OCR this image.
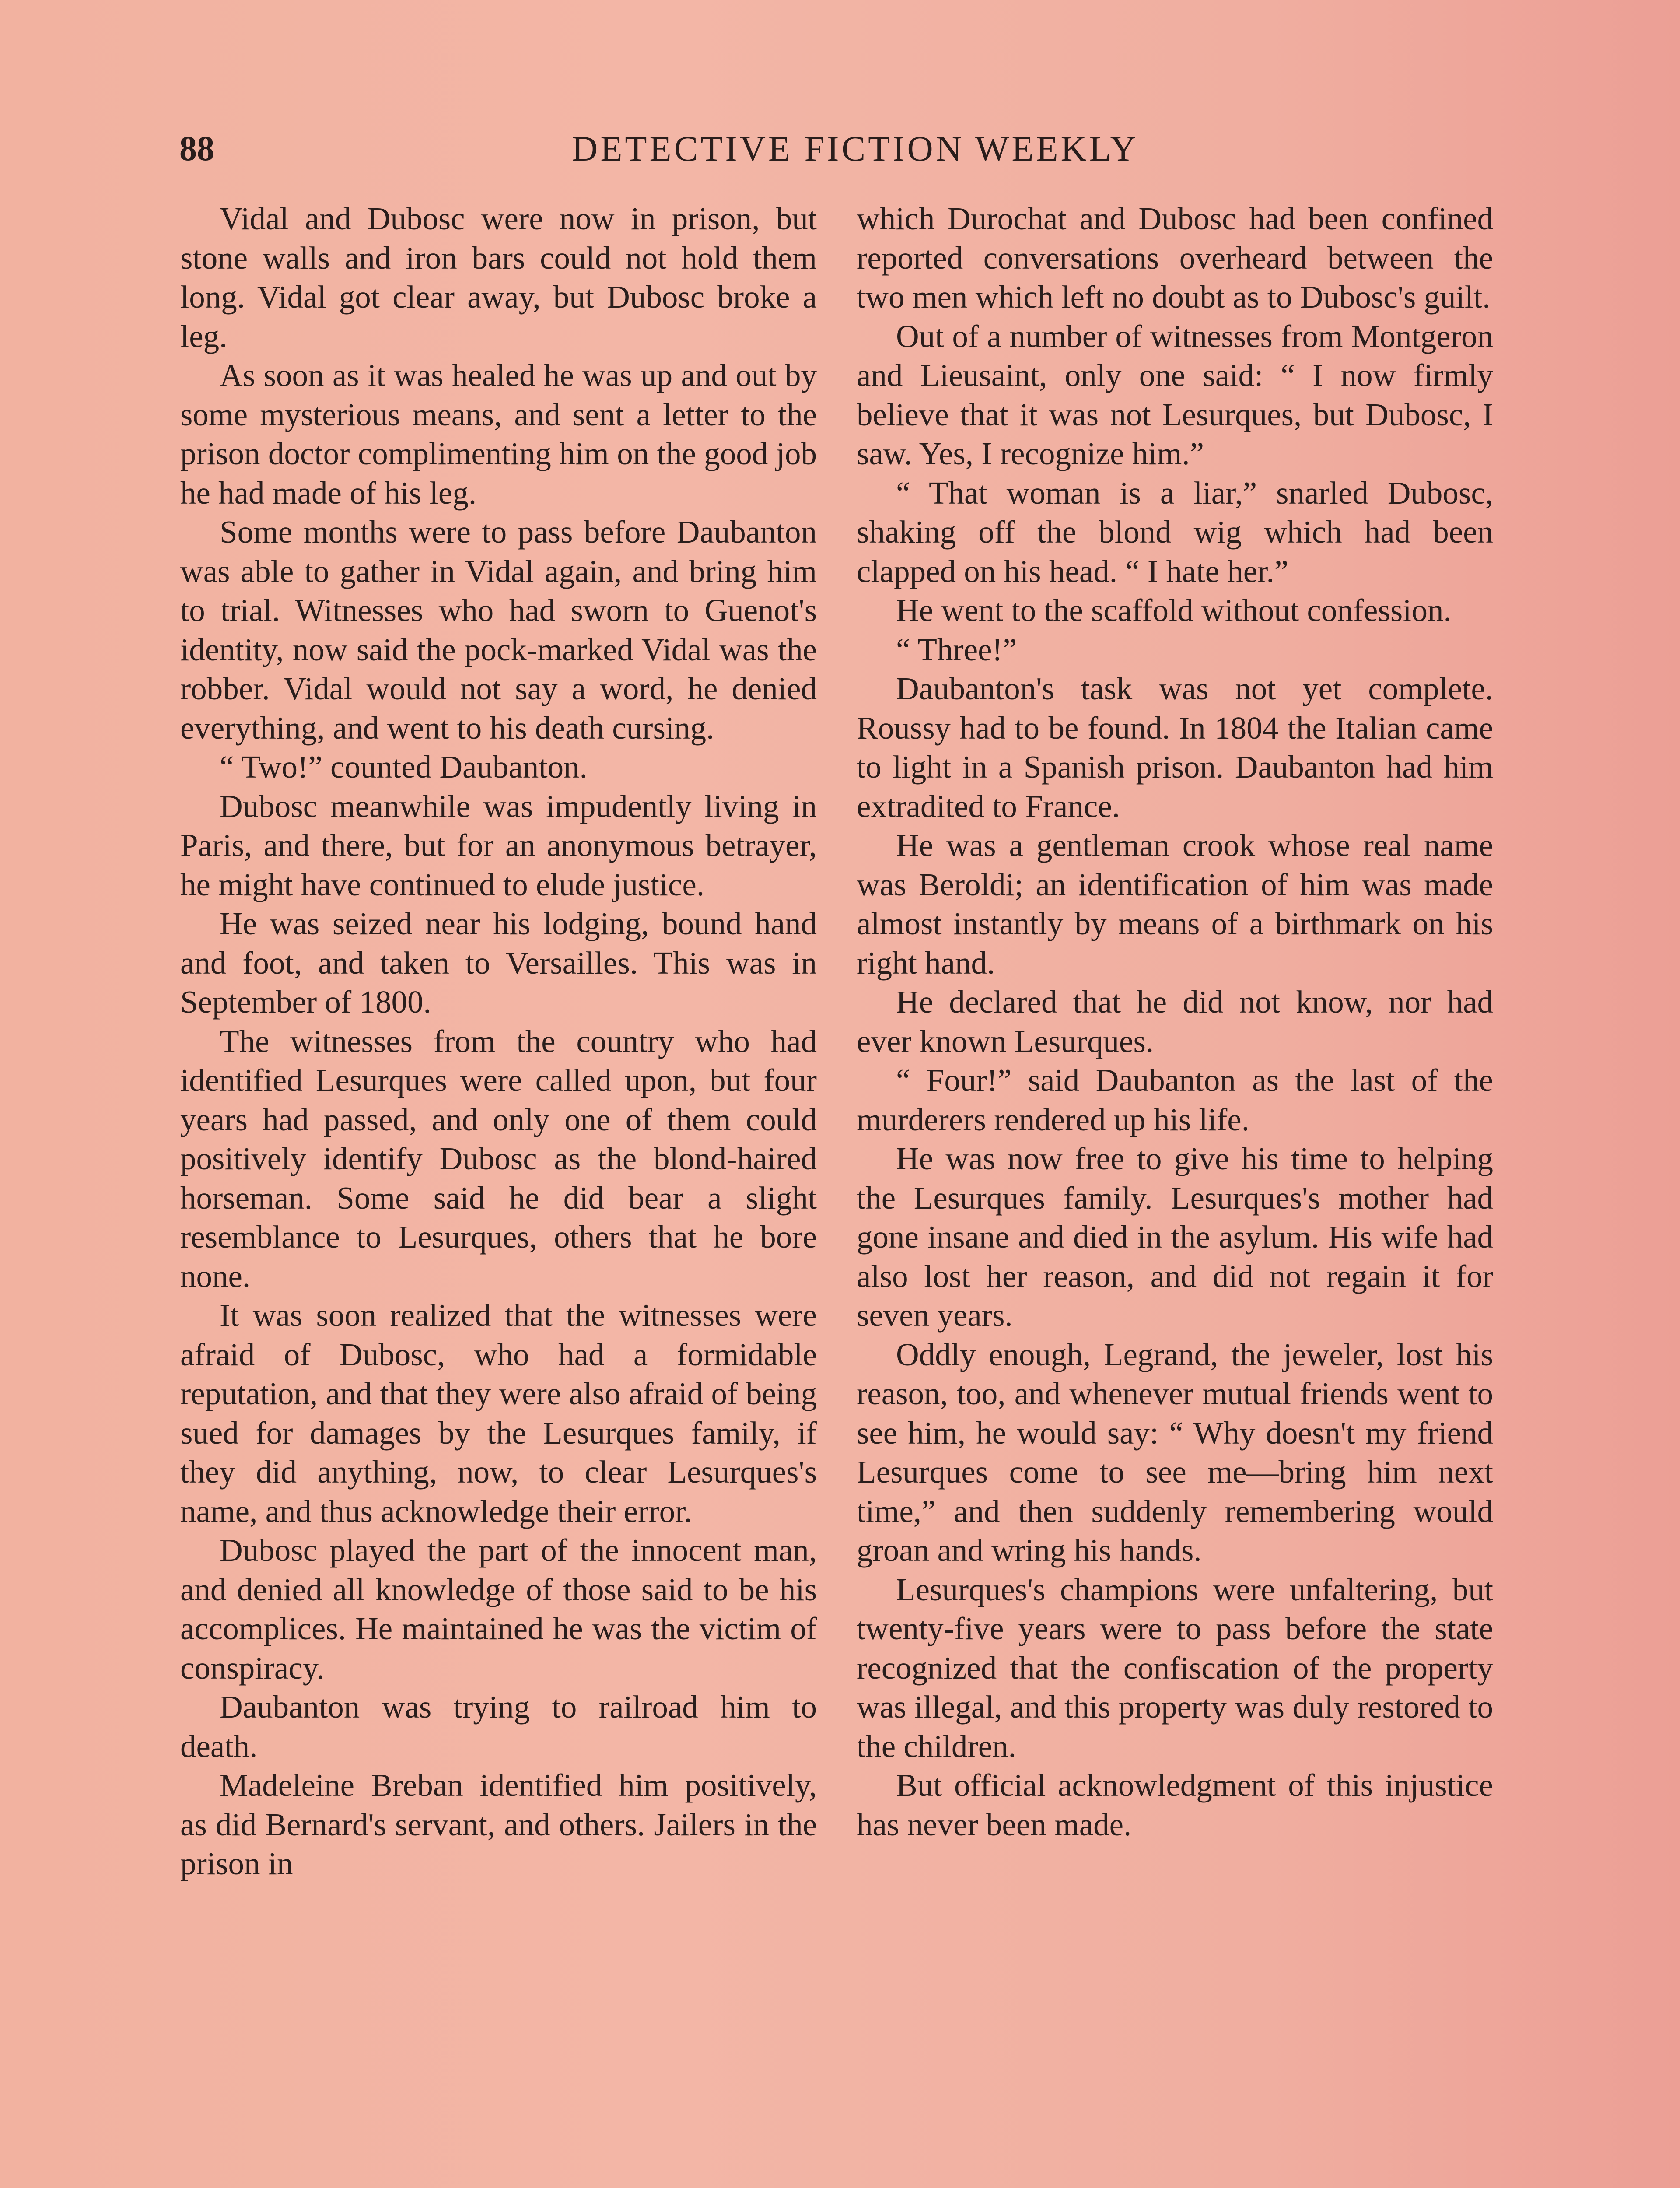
88	DETECTIVE FICTION WEEKLY

Vidal and Dubosc were now in prison, but stone walls and iron bars could not hold them long. Vidal got clear away, but Dubosc broke a leg.

As soon as it was healed he was up and out by some mysterious means, and sent a letter to the prison doctor complimenting him on the good job he had made of his leg.

Some months were to pass before Daubanton was able to gather in Vidal again, and bring him to trial. Witnesses who had sworn to Guenot's identity, now said the pock-marked Vidal was the robber. Vidal would not say a word, he denied everything, and went to his death cursing.

“ Two!” counted Daubanton.

Dubosc meanwhile was impudently living in Paris, and there, but for an anonymous betrayer, he might have continued to elude justice.

He was seized near his lodging, bound hand and foot, and taken to Versailles. This was in September of 1800.

The witnesses from the country who had identified Lesurques were called upon, but four years had passed, and only one of them could positively identify Dubosc as the blond-haired horseman. Some said he did bear a slight resemblance to Lesurques, others that he bore none.

It was soon realized that the witnesses were afraid of Dubosc, who had a formidable reputation, and that they were also afraid of being sued for damages by the Lesurques family, if they did anything, now, to clear Lesurques's name, and thus acknowledge their error.

Dubosc played the part of the innocent man, and denied all knowledge of those said to be his accomplices. He maintained he was the victim of conspiracy.

Daubanton was trying to railroad him to death.

Madeleine Breban identified him positively, as did Bernard's servant, and others. Jailers in the prison in

which Durochat and Dubosc had been confined reported conversations overheard between the two men which left no doubt as to Dubosc's guilt.

Out of a number of witnesses from Montgeron and Lieusaint, only one said: “ I now firmly believe that it was not Lesurques, but Dubosc, I saw. Yes, I recognize him.”

“ That woman is a liar,” snarled Dubosc, shaking off the blond wig which had been clapped on his head. “ I hate her.”

He went to the scaffold without confession.

“ Three!”

Daubanton's task was not yet complete. Roussy had to be found. In 1804 the Italian came to light in a Spanish prison. Daubanton had him extradited to France.

He was a gentleman crook whose real name was Beroldi; an identification of him was made almost instantly by means of a birthmark on his right hand.

He declared that he did not know, nor had ever known Lesurques.

“ Four!” said Daubanton as the last of the murderers rendered up his life.

He was now free to give his time to helping the Lesurques family. Lesurques's mother had gone insane and died in the asylum. His wife had also lost her reason, and did not regain it for seven years.

Oddly enough, Legrand, the jeweler, lost his reason, too, and whenever mutual friends went to see him, he would say: “ Why doesn't my friend Lesurques come to see me—bring him next time,” and then suddenly remembering would groan and wring his hands.

Lesurques's champions were unfaltering, but twenty-five years were to pass before the state recognized that the confiscation of the property was illegal, and this property was duly restored to the children.

But official acknowledgment of this injustice has never been made.
